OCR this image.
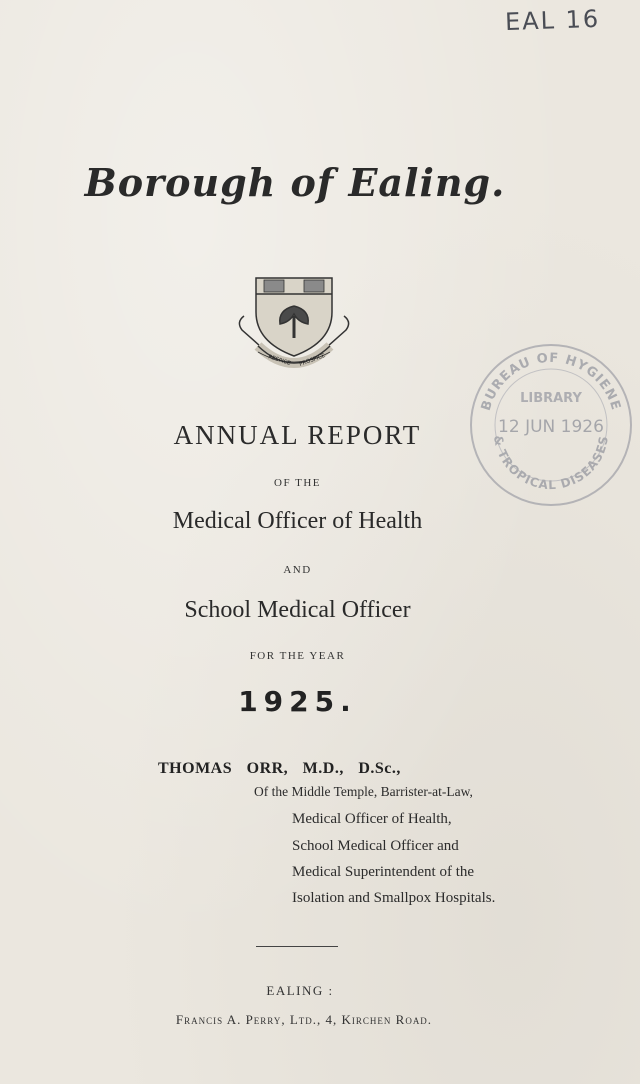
EAL 16
Borough of Ealing.
RESPICE PROSPICE
BUREAU OF HYGIENE
LIBRARY
12 JUN 1926
& TROPICAL DISEASES
ANNUAL REPORT
OF THE
Medical Officer of Health
AND
School Medical Officer
FOR THE YEAR
1925.
THOMAS ORR, M.D., D.Sc.,
Of the Middle Temple, Barrister-at-Law,
Medical Officer of Health,
School Medical Officer and
Medical Superintendent of the
Isolation and Smallpox Hospitals.
EALING :
Francis A. Perry, Ltd., 4, Kirchen Road.
